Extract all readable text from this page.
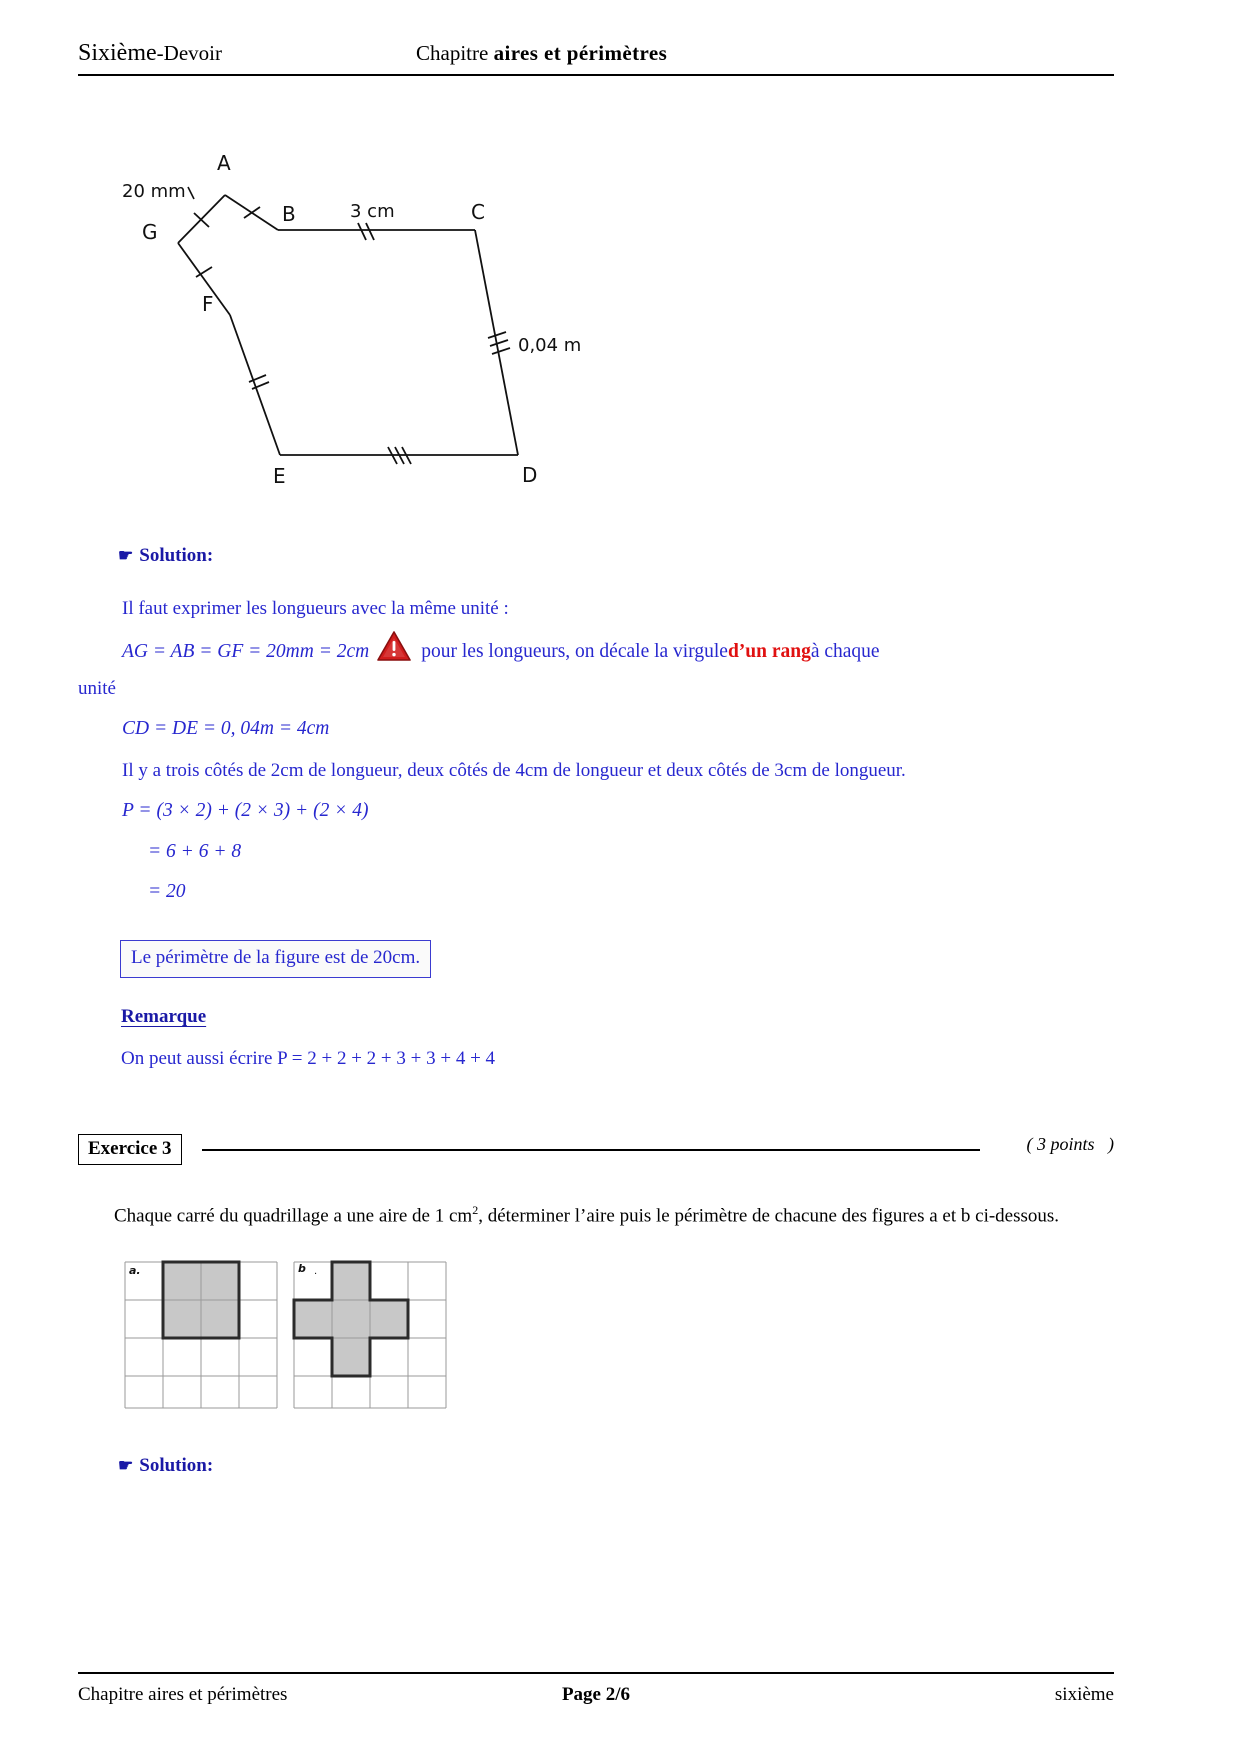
Sixième-Devoir	Chapitre aires et périmètres
A
B	C
D
E
F
G
20 mm
3 cm
0,04 m
☛ Solution:
Il faut exprimer les longueurs avec la même unité :
AG = AB = GF = 20mm = 2cm	pour les longueurs, on décale la virgule d’un rang à chaque
unité
CD = DE = 0, 04m = 4cm
Il y a trois côtés de 2cm de longueur, deux côtés de 4cm de longueur et deux côtés de 3cm de longueur.
P = (3 × 2) + (2 × 3) + (2 × 4)
= 6 + 6 + 8
= 20
Le périmètre de la figure est de 20cm.
Remarque
On peut aussi écrire P = 2 + 2 + 2 + 3 + 3 + 4 + 4
Exercice 3	( 3 points   )
Chaque carré du quadrillage a une aire de 1 $cm^2$, déterminer l’aire puis le périmètre de chacune des figures a et b ci-dessous.
a.	b .
☛ Solution:
Chapitre aires et périmètres	Page 2/6	sixième
